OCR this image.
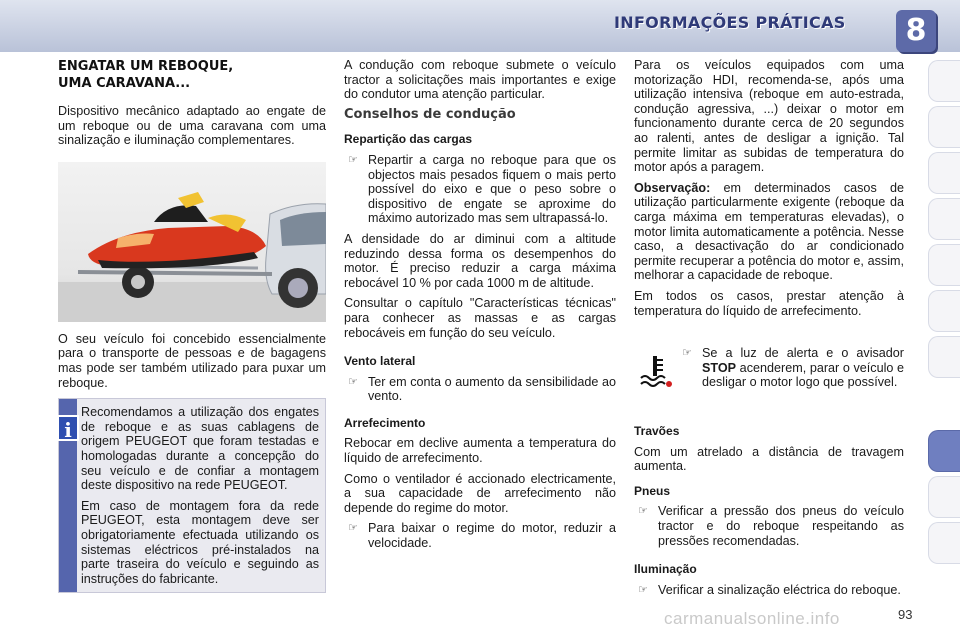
INFORMAÇÕES PRÁTICAS	8
ENGATAR UM REBOQUE,
UMA CARAVANA...

Dispositivo mecânico adaptado ao engate de um reboque ou de uma caravana com uma sinalização e iluminação complementares.

O seu veículo foi concebido essencialmente para o transporte de pessoas e de bagagens mas pode ser também utilizado para puxar um reboque.

i

Recomendamos a utilização dos engates de reboque e as suas cablagens de origem PEUGEOT que foram testadas e homologadas durante a concepção do seu veículo e de confiar a montagem deste dispositivo na rede PEUGEOT.

Em caso de montagem fora da rede PEUGEOT, esta montagem deve ser obrigatoriamente efectuada utilizando os sistemas eléctricos pré-instalados na parte traseira do veículo e seguindo as instruções do fabricante.

A condução com reboque submete o veículo tractor a solicitações mais importantes e exige do condutor uma atenção particular.

Conselhos de condução
Repartição das cargas
☞ Repartir a carga no reboque para que os objectos mais pesados fiquem o mais perto possível do eixo e que o peso sobre o dispositivo de engate se aproxime do máximo autorizado mas sem ultrapassá-lo.

A densidade do ar diminui com a altitude reduzindo dessa forma os desempenhos do motor. É preciso reduzir a carga máxima rebocável 10 % por cada 1000 m de altitude.

Consultar o capítulo "Características técnicas" para conhecer as massas e as cargas rebocáveis em função do seu veículo.

Vento lateral
☞ Ter em conta o aumento da sensibilidade ao vento.
Arrefecimento

Rebocar em declive aumenta a temperatura do líquido de arrefecimento.

Como o ventilador é accionado electricamente, a sua capacidade de arrefecimento não depende do regime do motor.

☞ Para baixar o regime do motor, reduzir a velocidade.

Para os veículos equipados com uma motorização HDI, recomenda-se, após uma utilização intensiva (reboque em auto-estrada, condução agressiva, ...) deixar o motor em funcionamento durante cerca de 20 segundos ao ralenti, antes de desligar a ignição. Tal permite limitar as subidas de temperatura do motor após a paragem.

Observação: em determinados casos de utilização particularmente exigente (reboque da carga máxima em temperaturas elevadas), o motor limita automaticamente a potência. Nesse caso, a desactivação do ar condicionado permite recuperar a potência do motor e, assim, melhorar a capacidade de reboque.

Em todos os casos, prestar atenção à temperatura do líquido de arrefecimento.

☞ Se a luz de alerta e o avisador STOP acenderem, parar o veículo e desligar o motor logo que possível.
Travões

Com um atrelado a distância de travagem aumenta.

Pneus
☞ Verificar a pressão dos pneus do veículo tractor e do reboque respeitando as pressões recomendadas.
Iluminação
☞ Verificar a sinalização eléctrica do reboque.
carmanualsonline.info	93
